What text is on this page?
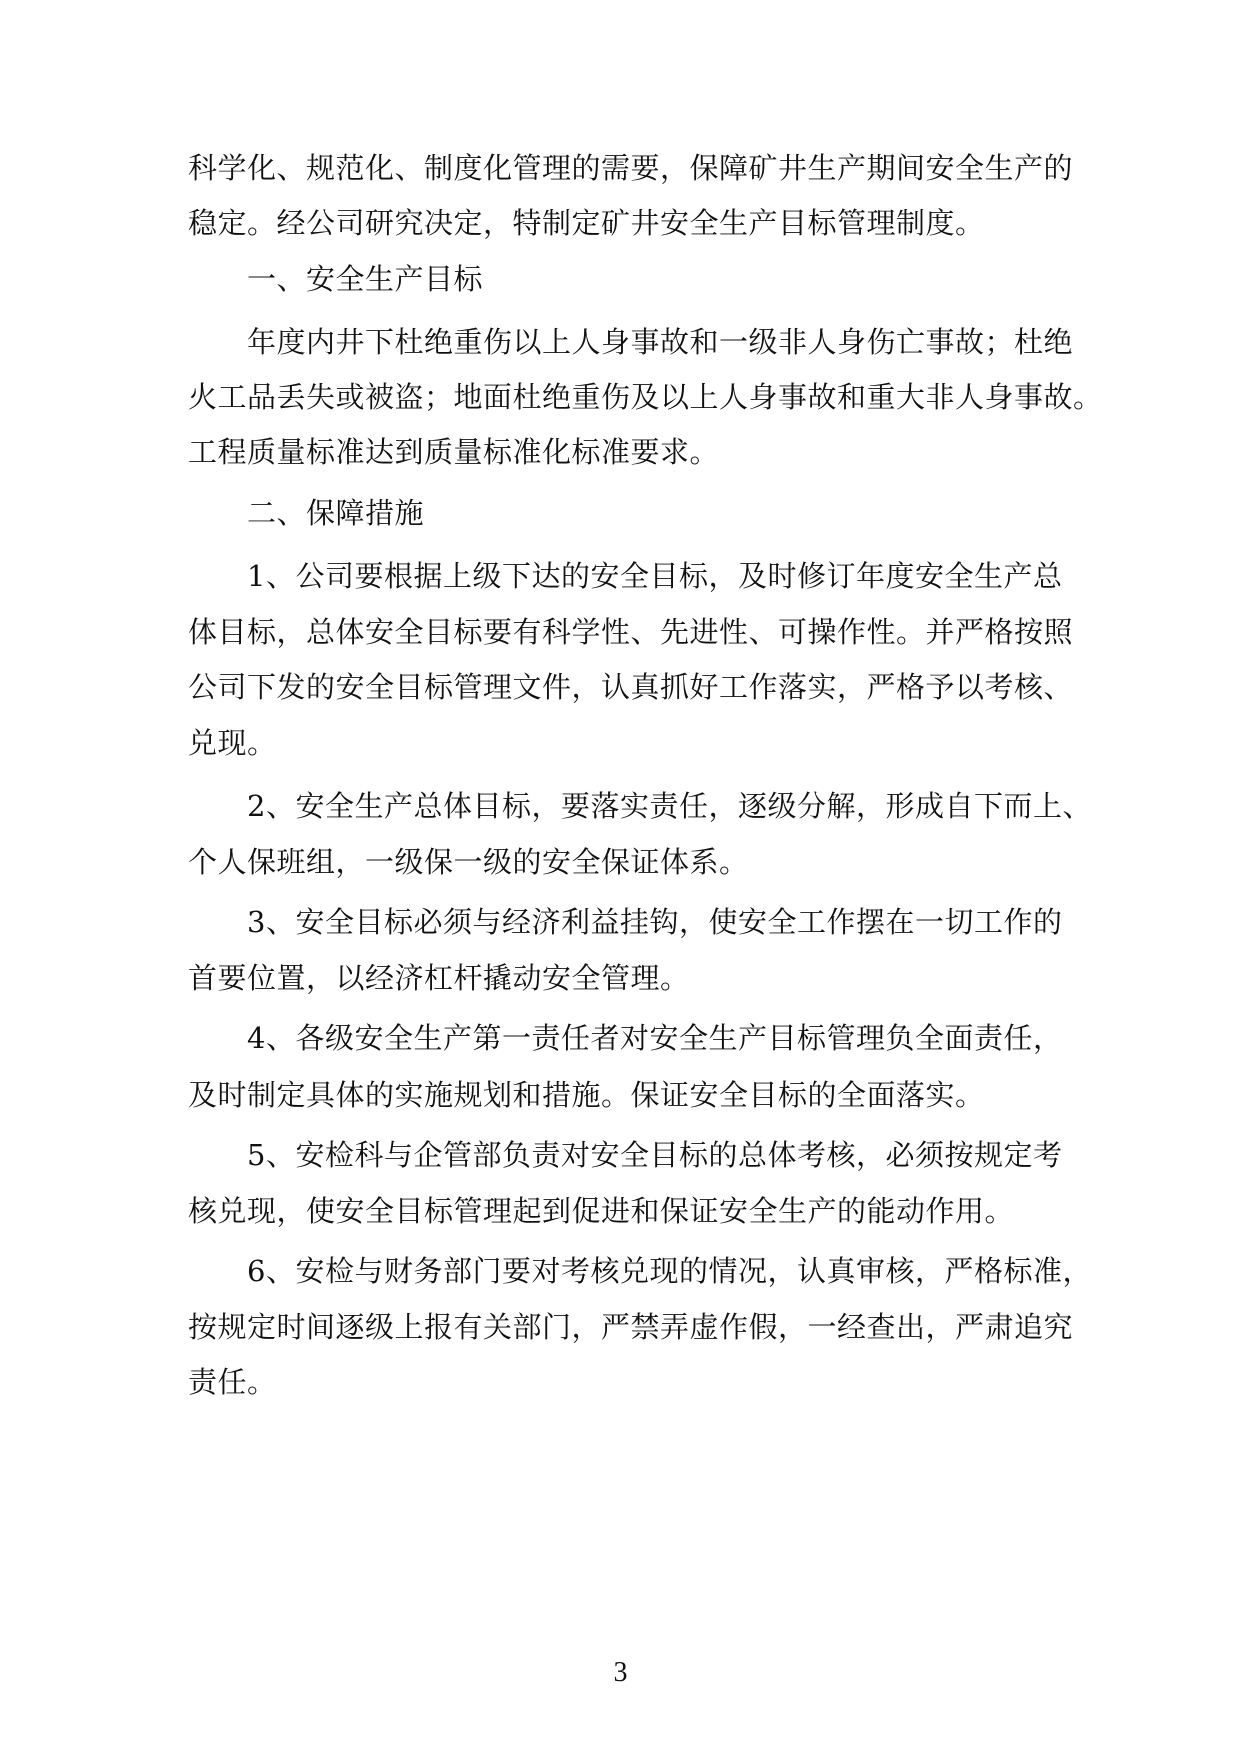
科学化、规范化、制度化管理的需要，保障矿井生产期间安全生产的
稳定。经公司研究决定，特制定矿井安全生产目标管理制度。
一、安全生产目标
年度内井下杜绝重伤以上人身事故和一级非人身伤亡事故；杜绝
火工品丢失或被盗；地面杜绝重伤及以上人身事故和重大非人身事故。
工程质量标准达到质量标准化标准要求。
二、保障措施
1、公司要根据上级下达的安全目标，及时修订年度安全生产总
体目标，总体安全目标要有科学性、先进性、可操作性。并严格按照
公司下发的安全目标管理文件，认真抓好工作落实，严格予以考核、
兑现。
2、安全生产总体目标，要落实责任，逐级分解，形成自下而上、
个人保班组，一级保一级的安全保证体系。
3、安全目标必须与经济利益挂钩，使安全工作摆在一切工作的
首要位置，以经济杠杆撬动安全管理。
4、各级安全生产第一责任者对安全生产目标管理负全面责任，
及时制定具体的实施规划和措施。保证安全目标的全面落实。
5、安检科与企管部负责对安全目标的总体考核，必须按规定考
核兑现，使安全目标管理起到促进和保证安全生产的能动作用。
6、安检与财务部门要对考核兑现的情况，认真审核，严格标准，
按规定时间逐级上报有关部门，严禁弄虚作假，一经查出，严肃追究
责任。
3
